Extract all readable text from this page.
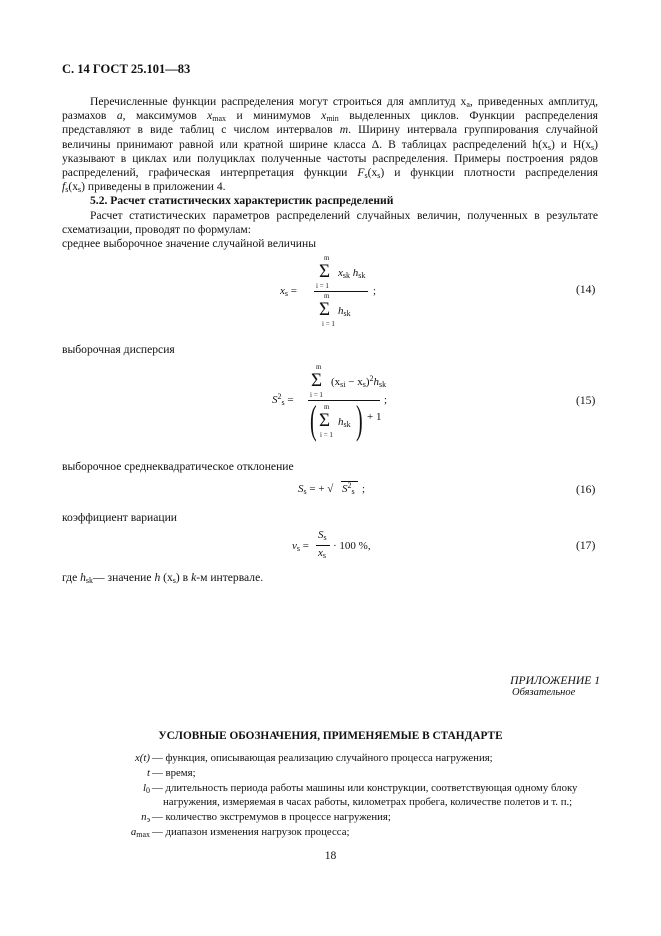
С. 14 ГОСТ 25.101—83
Перечисленные функции распределения могут строиться для амплитуд $x_a$, приведенных амплитуд,
размахов a, максимумов $x_{max}$ и минимумов $x_{min}$ выделенных циклов. Функции распределения
представляют в виде таблиц с числом интервалов m. Ширину интервала группирования случайной
величины принимают равной или кратной ширине класса Δ. В таблицах распределений $h(x_s)$ и $H(x_s)$
указывают в циклах или полуциклах полученные частоты распределения. Примеры построения рядов
распределений, графическая интерпретация функции $F_s(x_s)$ и функции плотности распределения
$f_s(x_s)$ приведены в приложении 4.
5.2. Расчет статистических характеристик распределений
Расчет статистических параметров распределений случайных величин, полученных в результате
схематизации, проводят по формулам:
среднее выборочное значение случайной величины
m
Σ $x_{sk}$ $h_{sk}$
i = 1
$x_s$ =	m
Σ $h_{sk}$
i = 1
;	(14)
выборочная дисперсия
m
Σ $(x_{si} - x_s)^2h_{sk}$
i = 1
$S^2_s$ = ( m
Σ $h_{sk}$
i = 1 ) + 1
;	(15)
выборочное среднеквадратическое отклонение
$S_s$ = + √ $S^2_s$ ;	(16)
коэффициент вариации
$v_s$ =
$S_s$
$x_s$
· 100 %,	(17)
где $h_{sk}—$ значение h $(x_s)$ в k-м интервале.
ПРИЛОЖЕНИЕ 1
Обязательное
УСЛОВНЫЕ ОБОЗНАЧЕНИЯ, ПРИМЕНЯЕМЫЕ В СТАНДАРТЕ
x(t) — функция, описывающая реализацию случайного процесса нагружения;
t — время;
$l_0$ — длительность периода работы машины или конструкции, соответствующая одному блоку
нагружения, измеряемая в часах работы, километрах пробега, количестве полетов и т. п.;
$n_э$ — количество экстремумов в процессе нагружения;
$a_{max}$ — диапазон изменения нагрузок процесса;
18
